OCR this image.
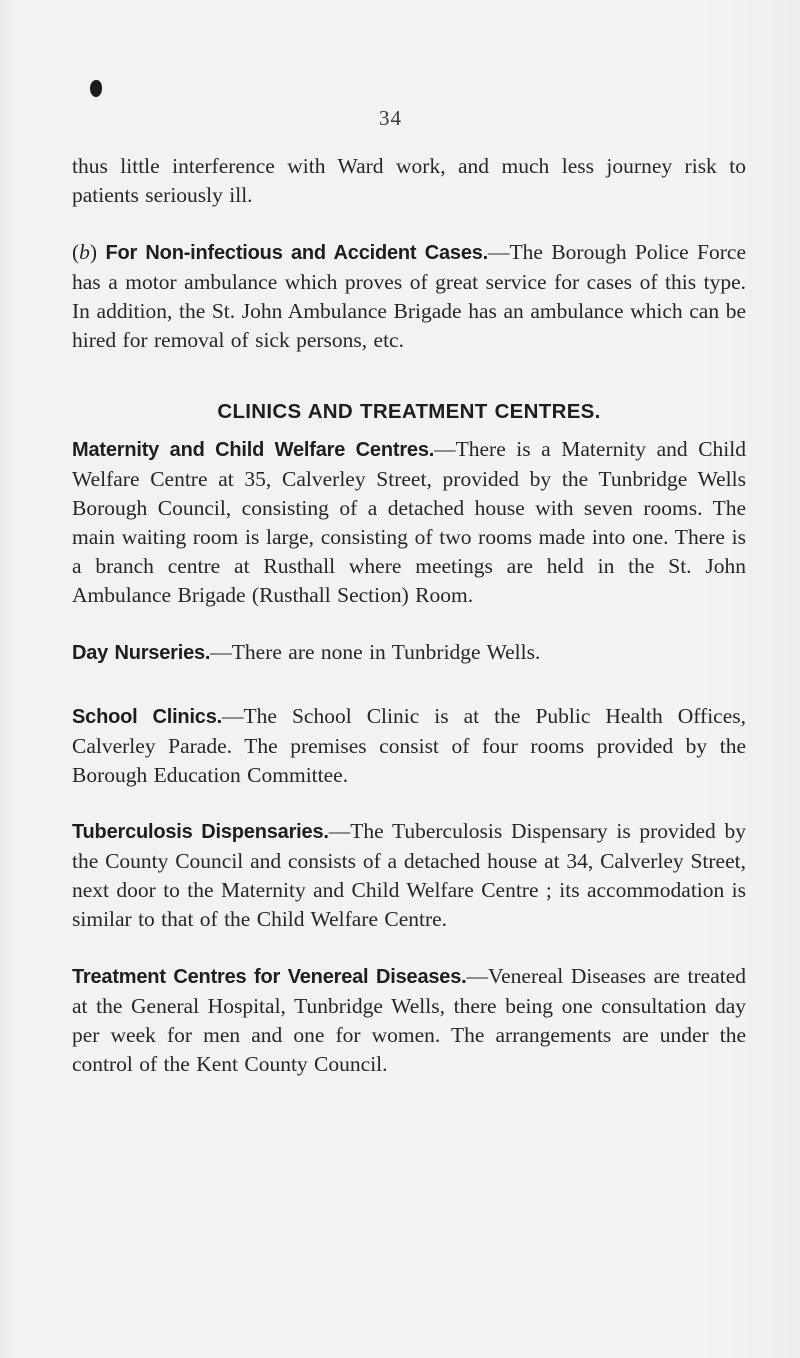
34

thus little interference with Ward work, and much less journey risk to patients seriously ill.

(b) For Non-infectious and Accident Cases.—The Borough Police Force has a motor ambulance which proves of great service for cases of this type. In addition, the St. John Ambulance Brigade has an ambulance which can be hired for removal of sick persons, etc.

CLINICS AND TREATMENT CENTRES.

Maternity and Child Welfare Centres.—There is a Maternity and Child Welfare Centre at 35, Calverley Street, provided by the Tunbridge Wells Borough Council, consisting of a detached house with seven rooms. The main waiting room is large, consisting of two rooms made into one. There is a branch centre at Rusthall where meetings are held in the St. John Ambulance Brigade (Rusthall Section) Room.

Day Nurseries.—There are none in Tunbridge Wells.

School Clinics.—The School Clinic is at the Public Health Offices, Calverley Parade. The premises consist of four rooms provided by the Borough Education Committee.

Tuberculosis Dispensaries.—The Tuberculosis Dispensary is provided by the County Council and consists of a detached house at 34, Calverley Street, next door to the Maternity and Child Welfare Centre ; its accommodation is similar to that of the Child Welfare Centre.

Treatment Centres for Venereal Diseases.—Venereal Diseases are treated at the General Hospital, Tunbridge Wells, there being one consultation day per week for men and one for women. The arrangements are under the control of the Kent County Council.
